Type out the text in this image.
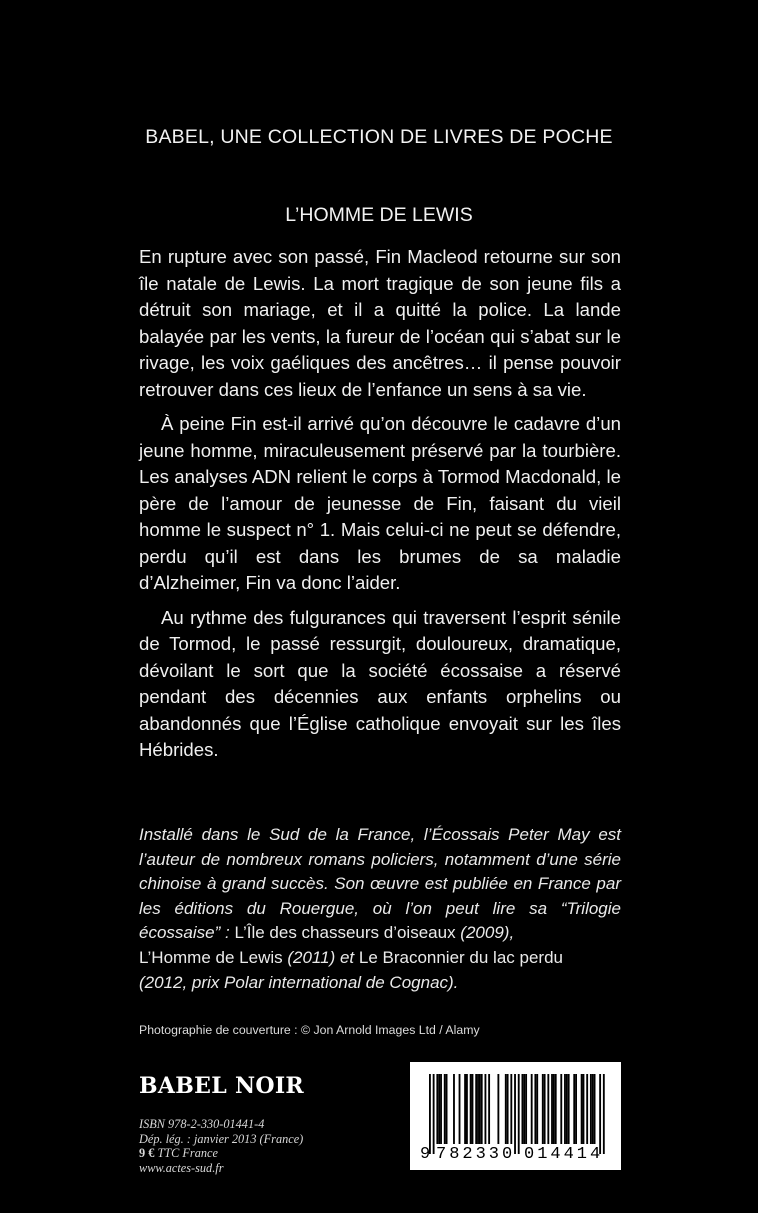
BABEL, UNE COLLECTION DE LIVRES DE POCHE
L’HOMME DE LEWIS

En rupture avec son passé, Fin Macleod retourne sur son île natale de Lewis. La mort tragique de son jeune fils a détruit son mariage, et il a quitté la police. La lande balayée par les vents, la fureur de l’océan qui s’abat sur le rivage, les voix gaéliques des ancêtres… il pense pouvoir retrouver dans ces lieux de l’enfance un sens à sa vie.

À peine Fin est-il arrivé qu’on découvre le cadavre d’un jeune homme, miraculeusement préservé par la tourbière. Les analyses ADN relient le corps à Tormod Macdonald, le père de l’amour de jeunesse de Fin, faisant du vieil homme le suspect n° 1. Mais celui-ci ne peut se défendre, perdu qu’il est dans les brumes de sa maladie d’Alzheimer, Fin va donc l’aider.

Au rythme des fulgurances qui traversent l’esprit sénile de Tormod, le passé ressurgit, douloureux, dramatique, dévoilant le sort que la société écossaise a réservé pendant des décennies aux enfants orphelins ou abandonnés que l’Église catholique envoyait sur les îles Hébrides.

Installé dans le Sud de la France, l’Écossais Peter May est l’auteur de nombreux romans policiers, notamment d’une série chinoise à grand succès. Son œuvre est publiée en France par les éditions du Rouergue, où l’on peut lire sa “Trilogie écossaise” : L’Île des chasseurs d’oiseaux (2009),
L’Homme de Lewis (2011) et Le Braconnier du lac perdu
(2012, prix Polar international de Cognac).
Photographie de couverture : © Jon Arnold Images Ltd / Alamy
BABEL NOIR
ISBN 978-2-330-01441-4
Dép. lég. : janvier 2013 (France)
9 € TTC France
www.actes-sud.fr
9 782330 014414
